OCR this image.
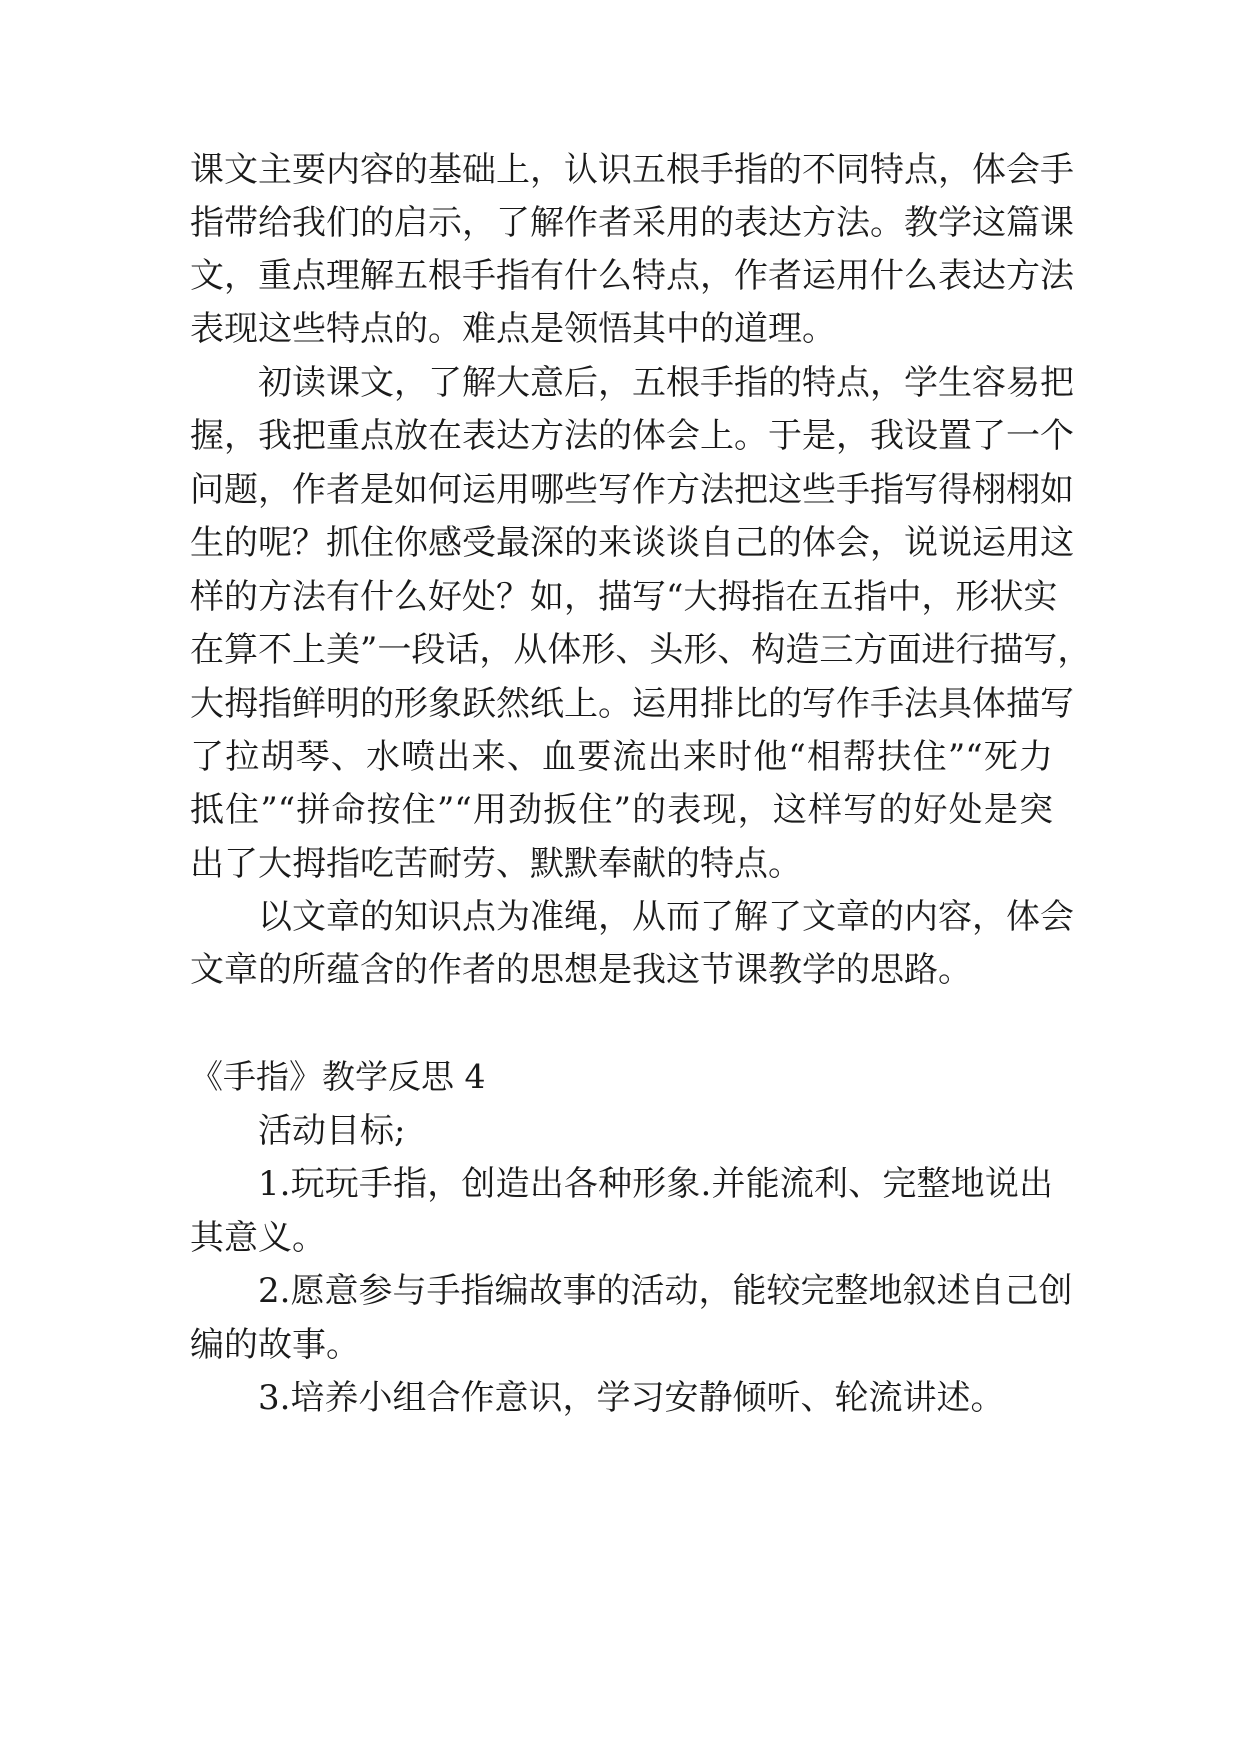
课文主要内容的基础上，认识五根手指的不同特点，体会手
指带给我们的启示，了解作者采用的表达方法。教学这篇课
文，重点理解五根手指有什么特点，作者运用什么表达方法
表现这些特点的。难点是领悟其中的道理。
初读课文，了解大意后，五根手指的特点，学生容易把
握，我把重点放在表达方法的体会上。于是，我设置了一个
问题，作者是如何运用哪些写作方法把这些手指写得栩栩如
生的呢？抓住你感受最深的来谈谈自己的体会，说说运用这
样的方法有什么好处？如，描写“大拇指在五指中，形状实
在算不上美”一段话，从体形、头形、构造三方面进行描写，
大拇指鲜明的形象跃然纸上。运用排比的写作手法具体描写
了拉胡琴、水喷出来、血要流出来时他“相帮扶住”“死力
抵住”“拼命按住”“用劲扳住”的表现，这样写的好处是突
出了大拇指吃苦耐劳、默默奉献的特点。
以文章的知识点为准绳，从而了解了文章的内容，体会
文章的所蕴含的作者的思想是我这节课教学的思路。
《手指》教学反思 4
活动目标;
1.玩玩手指，创造出各种形象.并能流利、完整地说出
其意义。
2.愿意参与手指编故事的活动，能较完整地叙述自己创
编的故事。
3.培养小组合作意识，学习安静倾听、轮流讲述。
